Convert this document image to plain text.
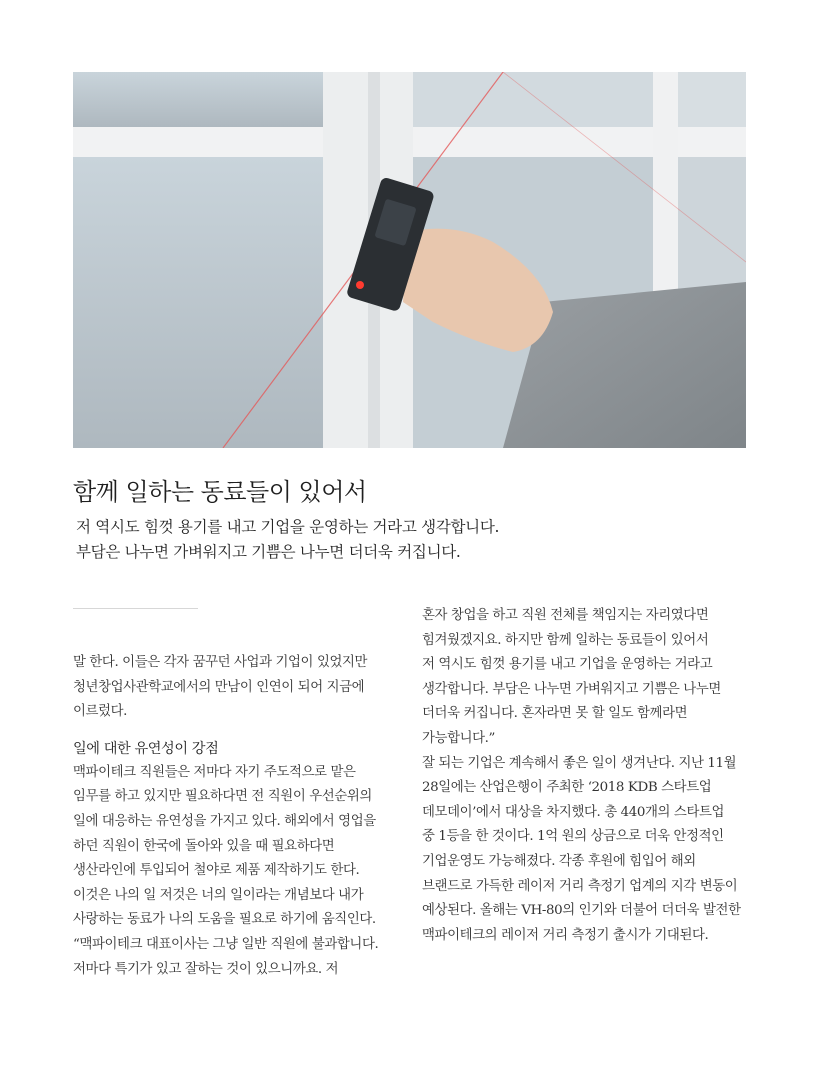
함께 일하는 동료들이 있어서
저 역시도 힘껏 용기를 내고 기업을 운영하는 거라고 생각합니다.
부담은 나누면 가벼워지고 기쁨은 나누면 더더욱 커집니다.

말 한다. 이들은 각자 꿈꾸던 사업과 기업이 있었지만

청년창업사관학교에서의 만남이 인연이 되어 지금에

이르렀다.

일에 대한 유연성이 강점

맥파이테크 직원들은 저마다 자기 주도적으로 맡은

임무를 하고 있지만 필요하다면 전 직원이 우선순위의

일에 대응하는 유연성을 가지고 있다. 해외에서 영업을

하던 직원이 한국에 돌아와 있을 때 필요하다면

생산라인에 투입되어 철야로 제품 제작하기도 한다.

이것은 나의 일 저것은 너의 일이라는 개념보다 내가

사랑하는 동료가 나의 도움을 필요로 하기에 움직인다.

“맥파이테크 대표이사는 그냥 일반 직원에 불과합니다.

저마다 특기가 있고 잘하는 것이 있으니까요. 저

혼자 창업을 하고 직원 전체를 책임지는 자리였다면

힘겨웠겠지요. 하지만 함께 일하는 동료들이 있어서

저 역시도 힘껏 용기를 내고 기업을 운영하는 거라고

생각합니다. 부담은 나누면 가벼워지고 기쁨은 나누면

더더욱 커집니다. 혼자라면 못 할 일도 함께라면

가능합니다.”

잘 되는 기업은 계속해서 좋은 일이 생겨난다. 지난 11월

28일에는 산업은행이 주최한 ‘2018 KDB 스타트업

데모데이’에서 대상을 차지했다. 총 440개의 스타트업

중 1등을 한 것이다. 1억 원의 상금으로 더욱 안정적인

기업운영도 가능해졌다. 각종 후원에 힘입어 해외

브랜드로 가득한 레이저 거리 측정기 업계의 지각 변동이

예상된다. 올해는 VH-80의 인기와 더불어 더더욱 발전한

맥파이테크의 레이저 거리 측정기 출시가 기대된다.
